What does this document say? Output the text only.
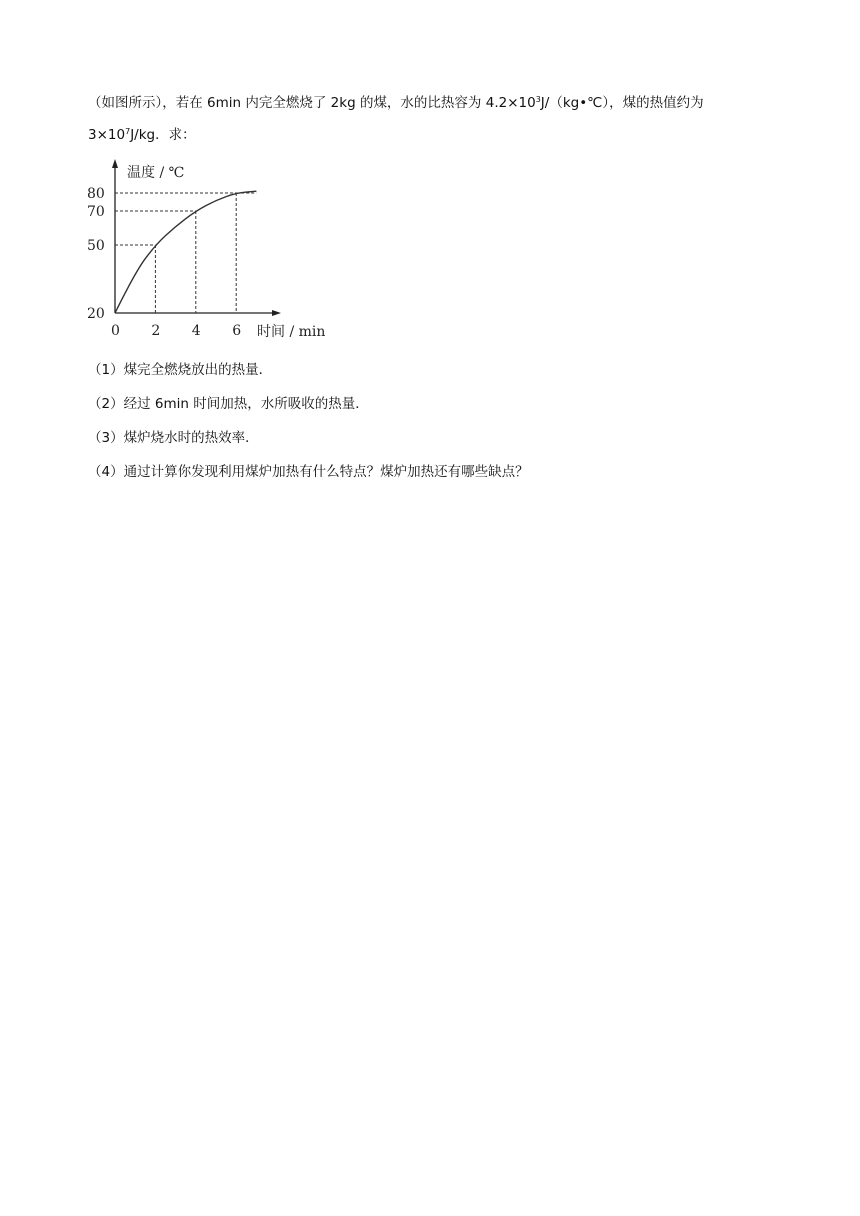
（如图所示），若在 6min 内完全燃烧了 2kg 的煤，水的比热容为 $4.2\times 10^3J/(kg•℃)$，煤的热值约为
$3\times 10^7J/kg$．求：
温度 / ℃
时间 / min
0 2 4 6
20
50
70
80
（1）煤完全燃烧放出的热量．
（2）经过 6min 时间加热，水所吸收的热量．
（3）煤炉烧水时的热效率．
（4）通过计算你发现利用煤炉加热有什么特点？煤炉加热还有哪些缺点？
